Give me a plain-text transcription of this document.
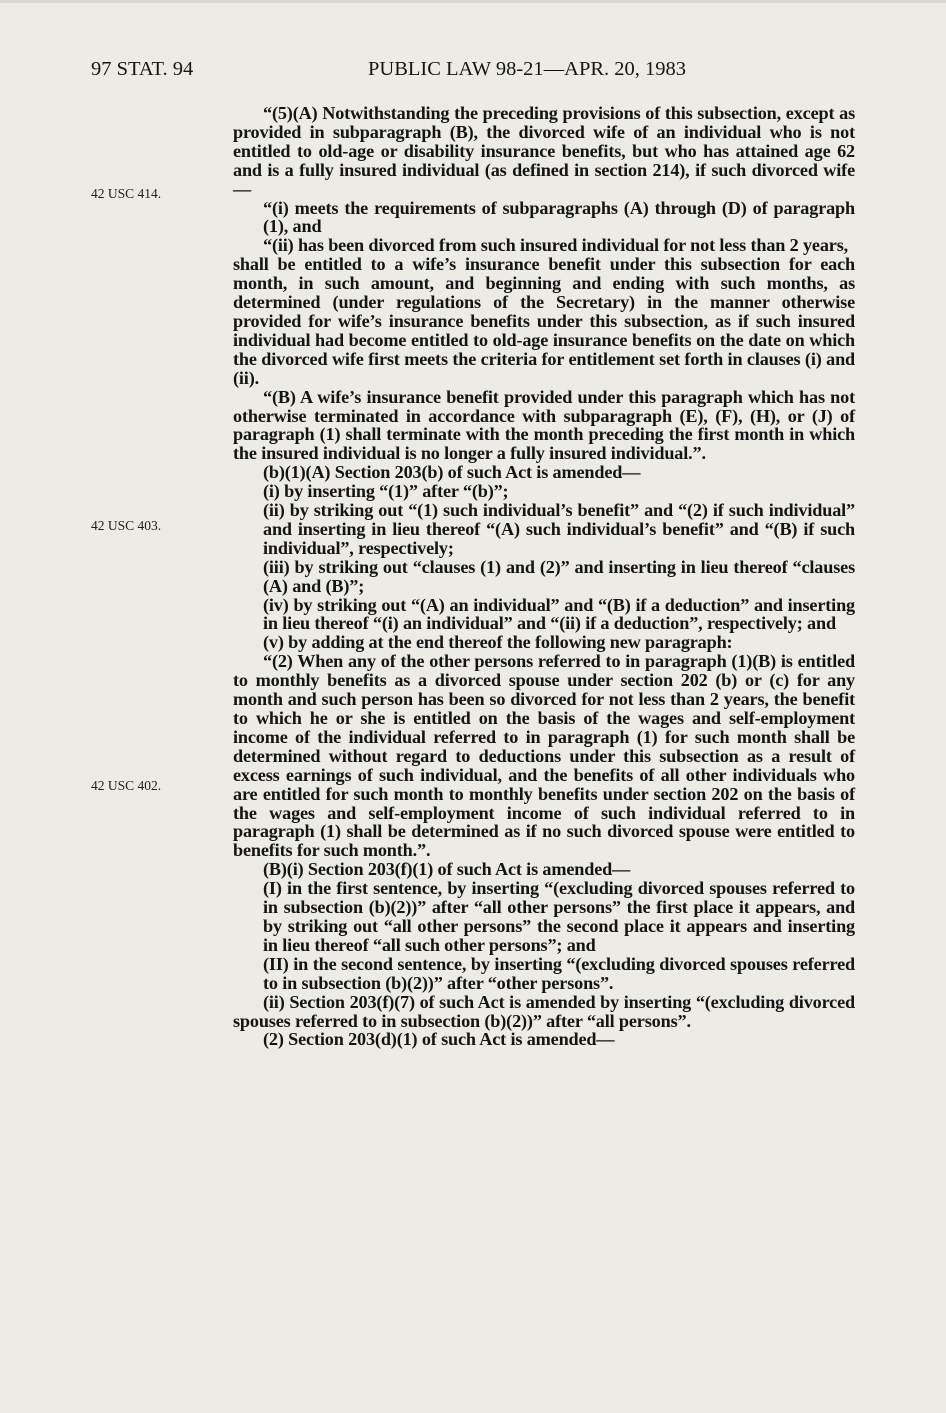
97 STAT. 94	PUBLIC LAW 98-21—APR. 20, 1983
42 USC 414.
42 USC 403.
42 USC 402.

“(5)(A) Notwithstanding the preceding provisions of this subsection, except as provided in subparagraph (B), the divorced wife of an individual who is not entitled to old-age or disability insurance benefits, but who has attained age 62 and is a fully insured individual (as defined in section 214), if such divorced wife—

“(i) meets the requirements of subparagraphs (A) through (D) of paragraph (1), and

“(ii) has been divorced from such insured individual for not less than 2 years,

shall be entitled to a wife’s insurance benefit under this subsection for each month, in such amount, and beginning and ending with such months, as determined (under regulations of the Secretary) in the manner otherwise provided for wife’s insurance benefits under this subsection, as if such insured individual had become entitled to old-age insurance benefits on the date on which the divorced wife first meets the criteria for entitlement set forth in clauses (i) and (ii).

“(B) A wife’s insurance benefit provided under this paragraph which has not otherwise terminated in accordance with subparagraph (E), (F), (H), or (J) of paragraph (1) shall terminate with the month preceding the first month in which the insured individual is no longer a fully insured individual.”.

(b)(1)(A) Section 203(b) of such Act is amended—

(i) by inserting “(1)” after “(b)”;

(ii) by striking out “(1) such individual’s benefit” and “(2) if such individual” and inserting in lieu thereof “(A) such individual’s benefit” and “(B) if such individual”, respectively;

(iii) by striking out “clauses (1) and (2)” and inserting in lieu thereof “clauses (A) and (B)”;

(iv) by striking out “(A) an individual” and “(B) if a deduction” and inserting in lieu thereof “(i) an individual” and “(ii) if a deduction”, respectively; and

(v) by adding at the end thereof the following new paragraph:

“(2) When any of the other persons referred to in paragraph (1)(B) is entitled to monthly benefits as a divorced spouse under section 202 (b) or (c) for any month and such person has been so divorced for not less than 2 years, the benefit to which he or she is entitled on the basis of the wages and self-employment income of the individual referred to in paragraph (1) for such month shall be determined without regard to deductions under this subsection as a result of excess earnings of such individual, and the benefits of all other individuals who are entitled for such month to monthly benefits under section 202 on the basis of the wages and self-employment income of such individual referred to in paragraph (1) shall be determined as if no such divorced spouse were entitled to benefits for such month.”.

(B)(i) Section 203(f)(1) of such Act is amended—

(I) in the first sentence, by inserting “(excluding divorced spouses referred to in subsection (b)(2))” after “all other persons” the first place it appears, and by striking out “all other persons” the second place it appears and inserting in lieu thereof “all such other persons”; and

(II) in the second sentence, by inserting “(excluding divorced spouses referred to in subsection (b)(2))” after “other persons”.

(ii) Section 203(f)(7) of such Act is amended by inserting “(excluding divorced spouses referred to in subsection (b)(2))” after “all persons”.

(2) Section 203(d)(1) of such Act is amended—
